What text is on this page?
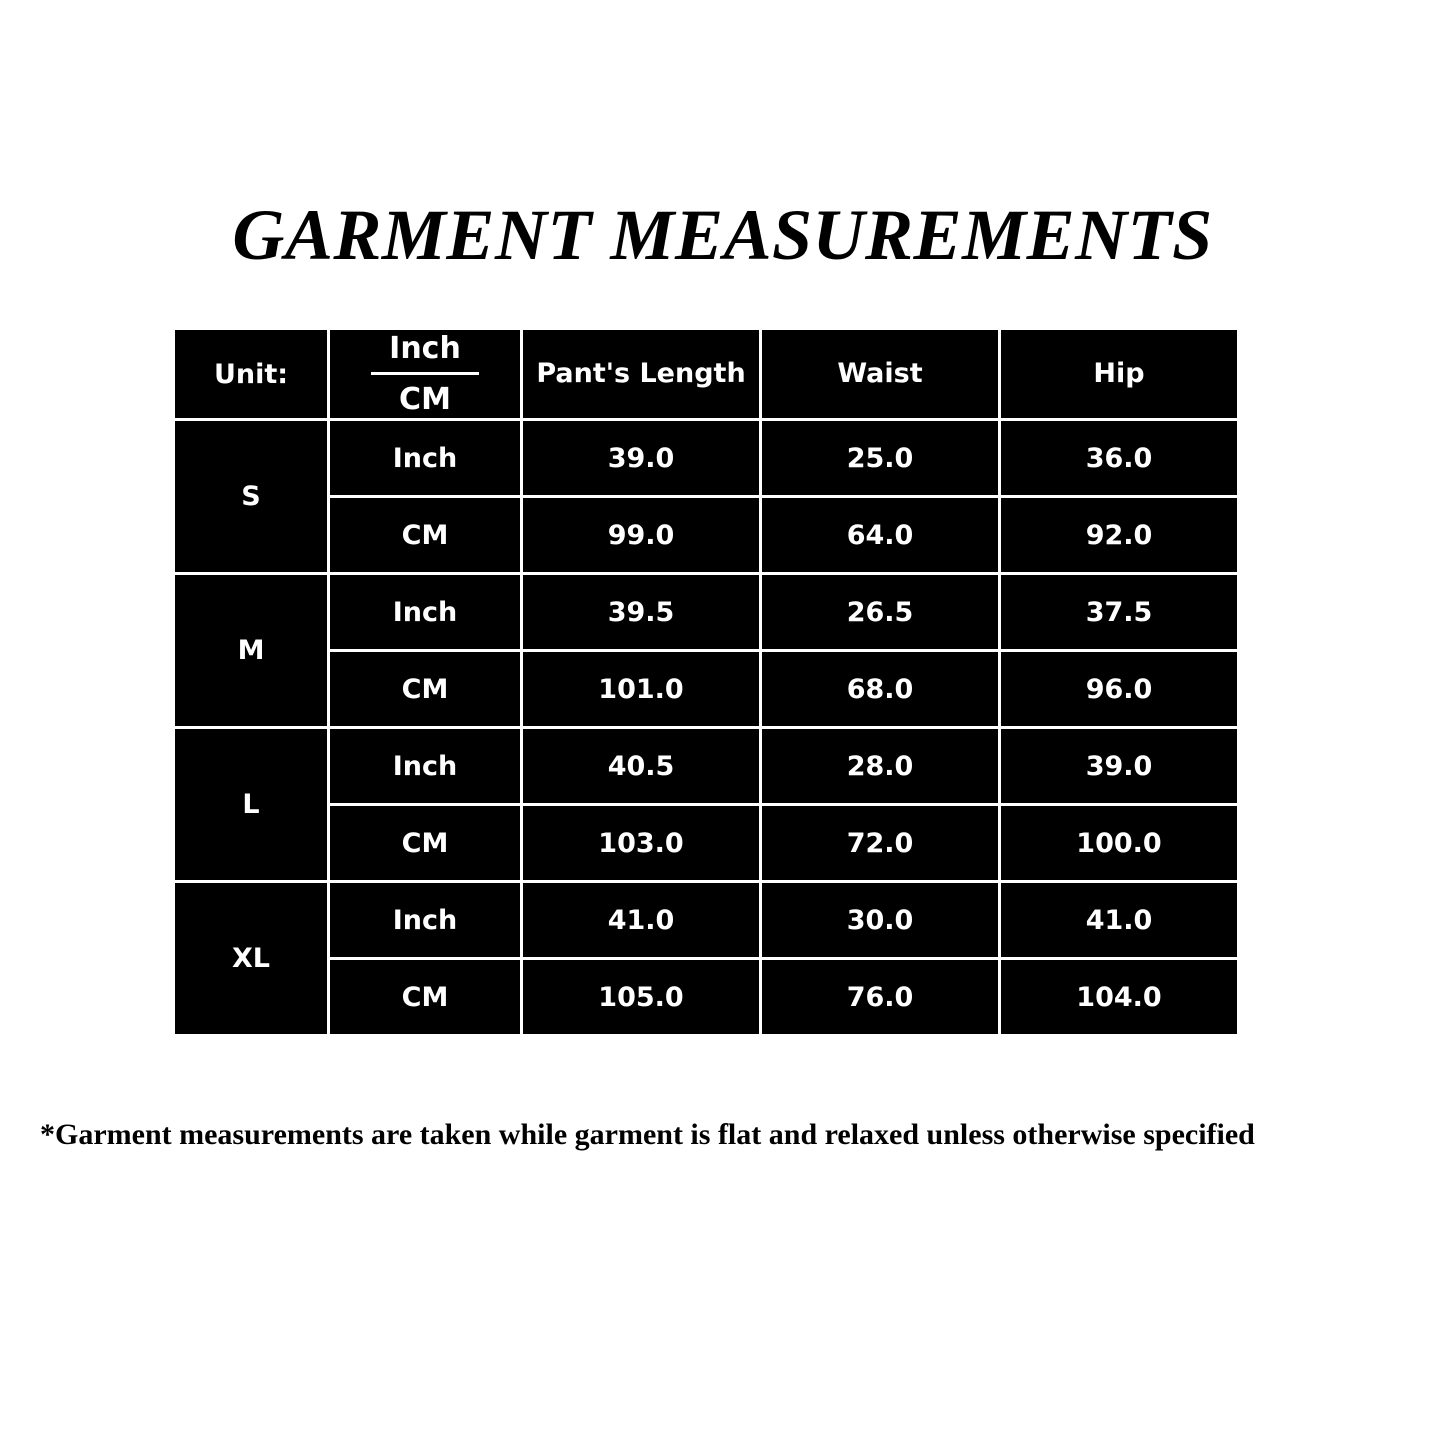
GARMENT MEASUREMENTS
Unit:	$\frac{\text{Inch}}{CM}$	Pant's Length	Waist	Hip
S	Inch	39.0	25.0	36.0
	CM	99.0	64.0	92.0
M	Inch	39.5	26.5	37.5
	CM	101.0	68.0	96.0
L	Inch	40.5	28.0	39.0
	CM	103.0	72.0	100.0
XL	Inch	41.0	30.0	41.0
	CM	105.0	76.0	104.0
*Garment measurements are taken while garment is flat and relaxed unless otherwise specified
